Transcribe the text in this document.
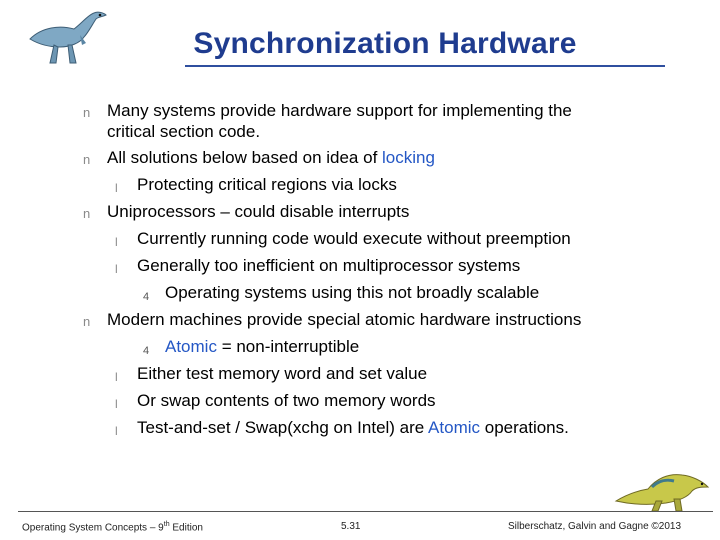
Synchronization Hardware
n Many systems provide hardware support for implementing the
critical section code.
n All solutions below based on idea of locking
l Protecting critical regions via locks
n Uniprocessors – could disable interrupts
l Currently running code would execute without preemption
l Generally too inefficient on multiprocessor systems
4 Operating systems using this not broadly scalable
n Modern machines provide special atomic hardware instructions
4 Atomic = non-interruptible
l Either test memory word and set value
l Or swap contents of two memory words
l Test-and-set / Swap(xchg on Intel) are Atomic operations.
Operating System Concepts – 9th Edition	5.31	Silberschatz, Galvin and Gagne ©2013
